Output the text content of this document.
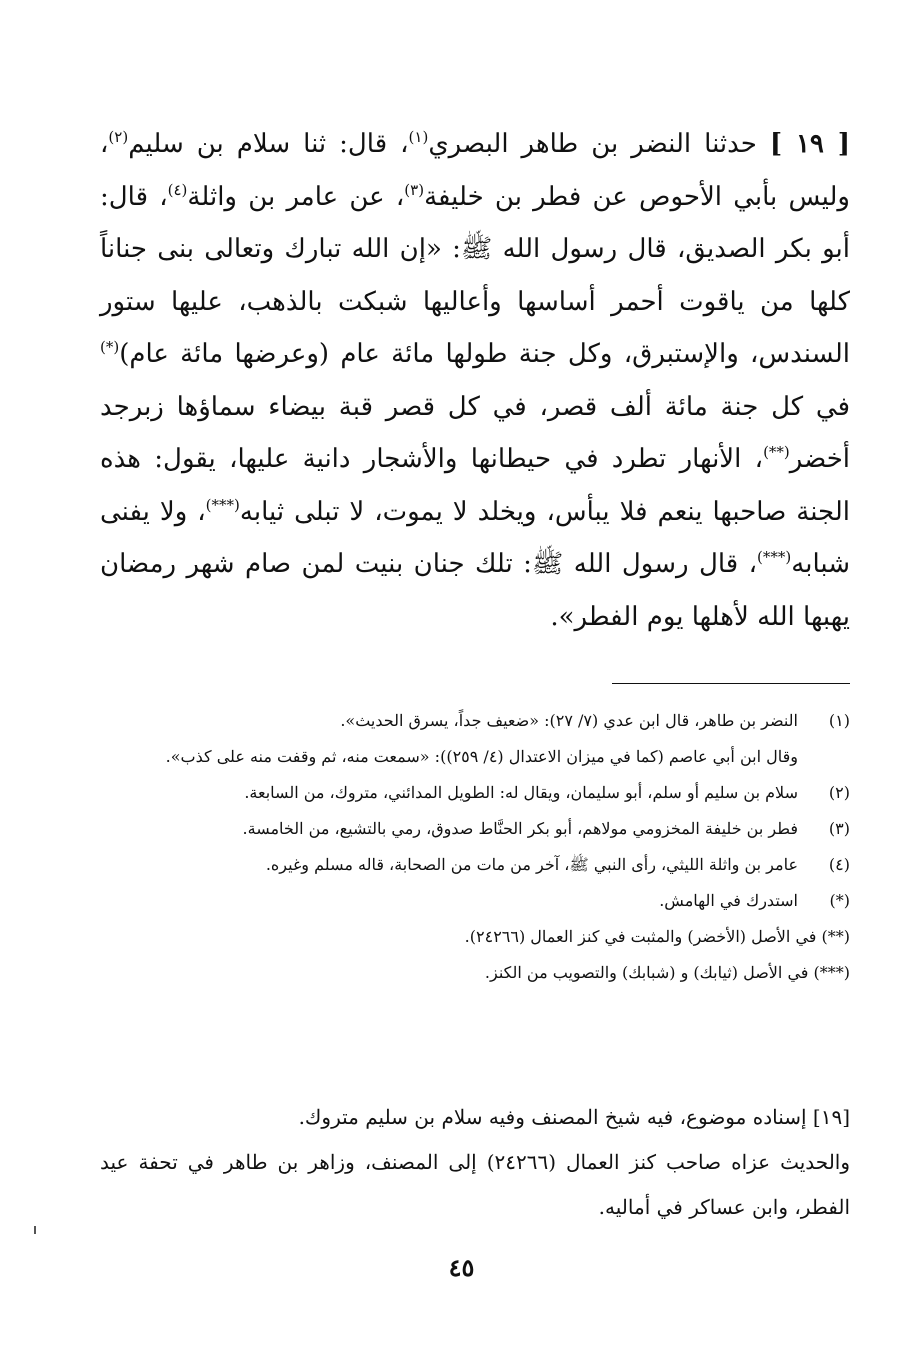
[ ١٩ ] حدثنا النضر بن طاهر البصري$^{(١)}$، قال: ثنا سلام بن سليم$^{(٢)}$، وليس بأبي الأحوص عن فطر بن خليفة$^{(٣)}$، عن عامر بن واثلة$^{(٤)}$، قال: أبو بكر الصديق، قال رسول الله ﷺ: «إن الله تبارك وتعالى بنى جناناً كلها من ياقوت أحمر أساسها وأعاليها شبكت بالذهب، عليها ستور السندس، والإستبرق، وكل جنة طولها مائة عام (وعرضها مائة عام)(*) في كل جنة مائة ألف قصر، في كل قصر قبة بيضاء سماؤها زبرجد أخضر(**)، الأنهار تطرد في حيطانها والأشجار دانية عليها، يقول: هذه الجنة صاحبها ينعم فلا يبأس، ويخلد لا يموت، لا تبلى ثيابه(***)، ولا يفنى شبابه(***)، قال رسول الله ﷺ: تلك جنان بنيت لمن صام شهر رمضان يهبها الله لأهلها يوم الفطر».

(١)
النضر بن طاهر، قال ابن عدي (٧/ ٢٧): «ضعيف جداً، يسرق الحديث».
وقال ابن أبي عاصم (كما في ميزان الاعتدال (٤/ ٢٥٩)): «سمعت منه، ثم وقفت منه على كذب».
(٢)
سلام بن سليم أو سلم، أبو سليمان، ويقال له: الطويل المدائني، متروك، من السابعة.
(٣)
فطر بن خليفة المخزومي مولاهم، أبو بكر الحنَّاط صدوق، رمي بالتشيع، من الخامسة.
(٤)
عامر بن واثلة الليثي، رأى النبي ﷺ، آخر من مات من الصحابة، قاله مسلم وغيره.
(*)
استدرك في الهامش.
(**) في الأصل (الأخضر) والمثبت في كنز العمال (٢٤٢٦٦).
(***) في الأصل (ثيابك) و (شبابك) والتصويب من الكنز.

[١٩] إسناده موضوع، فيه شيخ المصنف وفيه سلام بن سليم متروك.

والحديث عزاه صاحب كنز العمال (٢٤٢٦٦) إلى المصنف، وزاهر بن طاهر في تحفة عيد الفطر، وابن عساكر في أماليه.

٤٥
